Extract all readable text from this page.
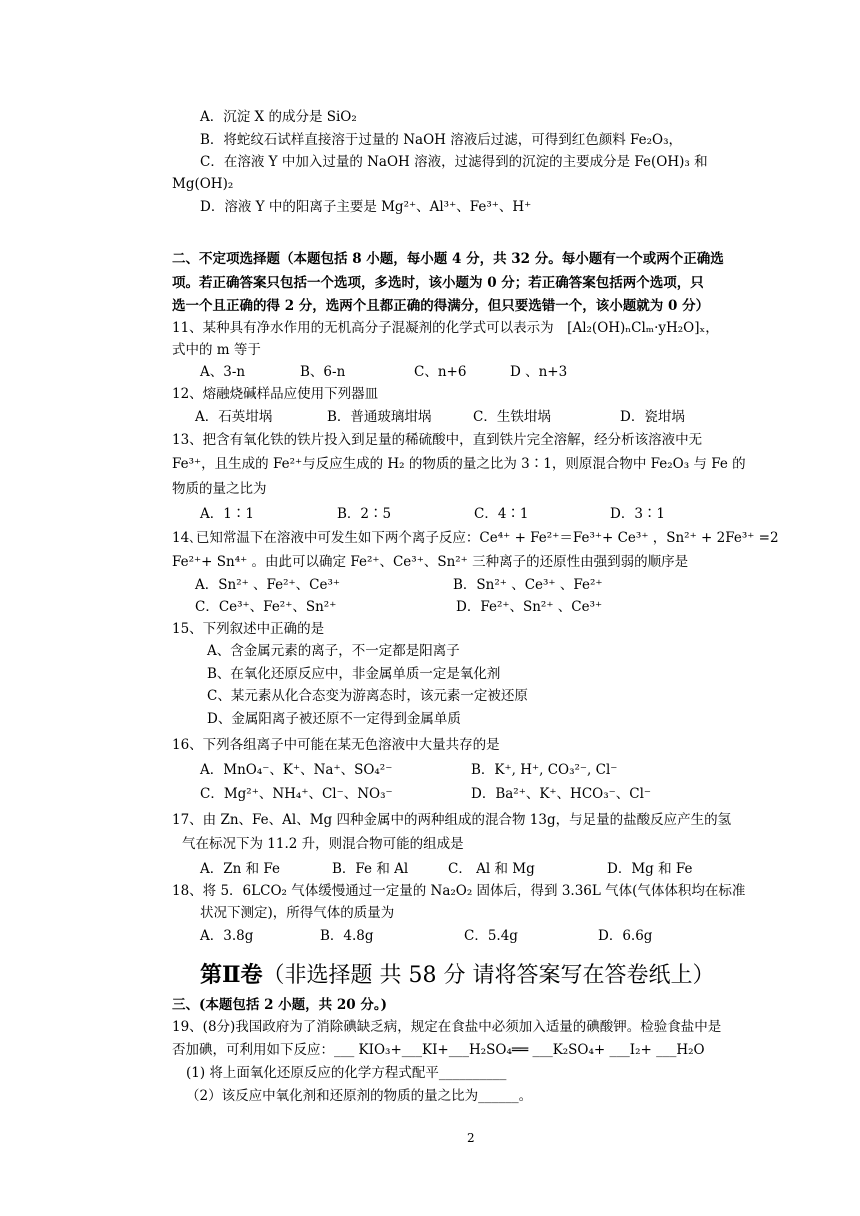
A．沉淀 X 的成分是 SiO₂
B．将蛇纹石试样直接溶于过量的 NaOH 溶液后过滤，可得到红色颜料 Fe₂O₃，
C．在溶液 Y 中加入过量的 NaOH 溶液，过滤得到的沉淀的主要成分是 Fe(OH)₃ 和
Mg(OH)₂
D．溶液 Y 中的阳离子主要是 Mg²⁺、Al³⁺、Fe³⁺、H⁺
二、不定项选择题（本题包括 8 小题，每小题 4 分，共 32 分。每小题有一个或两个正确选
项。若正确答案只包括一个选项，多选时，该小题为 0 分；若正确答案包括两个选项，只
选一个且正确的得 2 分，选两个且都正确的得满分，但只要选错一个，该小题就为 0 分）
11、某种具有净水作用的无机高分子混凝剂的化学式可以表示为　[Al₂(OH)ₙClₘ·yH₂O]ₓ，
式中的 m 等于
A、3-n	B、6-n	C、n+6	D 、n+3
12、熔融烧碱样品应使用下列器皿
A．石英坩埚	B．普通玻璃坩埚	C．生铁坩埚	D．瓷坩埚
13、把含有氧化铁的铁片投入到足量的稀硫酸中，直到铁片完全溶解，经分析该溶液中无
Fe³⁺，且生成的 Fe²⁺与反应生成的 H₂ 的物质的量之比为 3∶1，则原混合物中 Fe₂O₃ 与 Fe 的
物质的量之比为
A．1∶1	B．2∶5	C．4∶1	D．3∶1
14､已知常温下在溶液中可发生如下两个离子反应：Ce⁴⁺ + Fe²⁺＝Fe³⁺+ Ce³⁺ ，Sn²⁺ + 2Fe³⁺ =2
Fe²⁺+ Sn⁴⁺ 。由此可以确定 Fe²⁺、Ce³⁺、Sn²⁺ 三种离子的还原性由强到弱的顺序是
A．Sn²⁺ 、Fe²⁺、Ce³⁺	B．Sn²⁺ 、Ce³⁺ 、Fe²⁺
C．Ce³⁺、Fe²⁺、Sn²⁺	D．Fe²⁺、Sn²⁺ 、Ce³⁺
15、下列叙述中正确的是
A、含金属元素的离子，不一定都是阳离子
B、在氧化还原反应中，非金属单质一定是氧化剂
C、某元素从化合态变为游离态时，该元素一定被还原
D、金属阳离子被还原不一定得到金属单质
16、下列各组离子中可能在某无色溶液中大量共存的是
A．MnO₄⁻、K⁺、Na⁺、SO₄²⁻	B．K⁺, H⁺, CO₃²⁻, Cl⁻
C．Mg²⁺、NH₄⁺、Cl⁻、NO₃⁻	D．Ba²⁺、K⁺、HCO₃⁻、Cl⁻
17、由 Zn、Fe、Al、Mg 四种金属中的两种组成的混合物 13g，与足量的盐酸反应产生的氢
气在标况下为 11.2 升，则混合物可能的组成是
A．Zn 和 Fe	B．Fe 和 Al	C． Al 和 Mg	D．Mg 和 Fe
18、将 5．6LCO₂ 气体缓慢通过一定量的 Na₂O₂ 固体后，得到 3.36L 气体(气体体积均在标准
状况下测定)，所得气体的质量为
A．3.8g	B．4.8g	C．5.4g	D．6.6g
第Ⅱ卷（非选择题 共 58 分 请将答案写在答卷纸上）
三、(本题包括 2 小题，共 20 分。)
19、(8分)我国政府为了消除碘缺乏病，规定在食盐中必须加入适量的碘酸钾。检验食盐中是
否加碘，可利用如下反应：___ KIO₃+___KI+___H₂SO₄══ ___K₂SO₄+ ___I₂+ ___H₂O
(1) 将上面氧化还原反应的化学方程式配平__________
（2）该反应中氧化剂和还原剂的物质的量之比为______。
2
